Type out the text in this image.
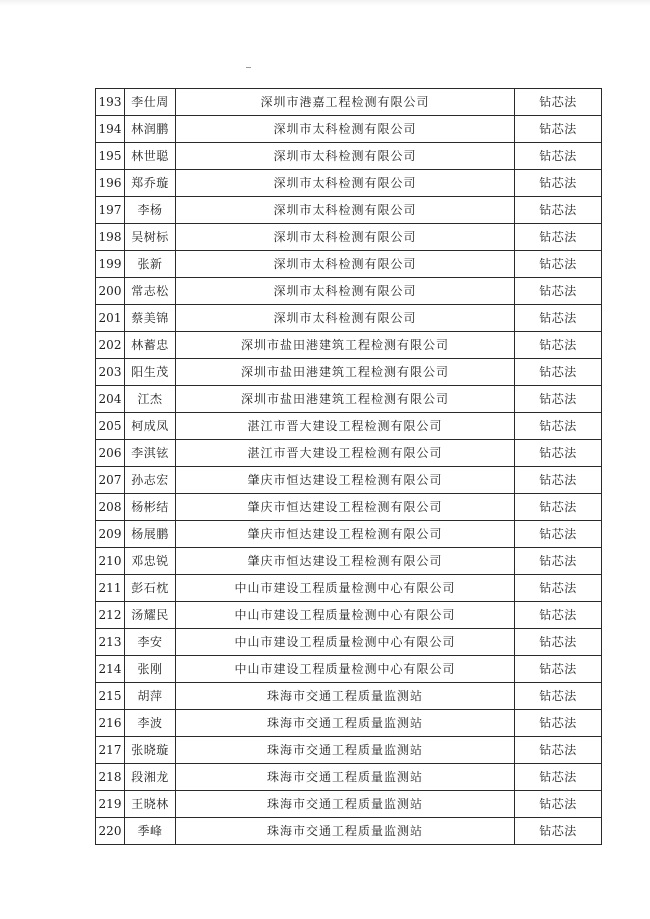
193	李仕周	深圳市港嘉工程检测有限公司	钻芯法
194	林润鹏	深圳市太科检测有限公司	钻芯法
195	林世聪	深圳市太科检测有限公司	钻芯法
196	郑乔璇	深圳市太科检测有限公司	钻芯法
197	李杨	深圳市太科检测有限公司	钻芯法
198	吴树标	深圳市太科检测有限公司	钻芯法
199	张新	深圳市太科检测有限公司	钻芯法
200	常志松	深圳市太科检测有限公司	钻芯法
201	蔡美锦	深圳市太科检测有限公司	钻芯法
202	林蓄忠	深圳市盐田港建筑工程检测有限公司	钻芯法
203	阳生茂	深圳市盐田港建筑工程检测有限公司	钻芯法
204	江杰	深圳市盐田港建筑工程检测有限公司	钻芯法
205	柯成凤	湛江市晋大建设工程检测有限公司	钻芯法
206	李淇铉	湛江市晋大建设工程检测有限公司	钻芯法
207	孙志宏	肇庆市恒达建设工程检测有限公司	钻芯法
208	杨彬结	肇庆市恒达建设工程检测有限公司	钻芯法
209	杨展鹏	肇庆市恒达建设工程检测有限公司	钻芯法
210	邓忠锐	肇庆市恒达建设工程检测有限公司	钻芯法
211	彭石枕	中山市建设工程质量检测中心有限公司	钻芯法
212	汤耀民	中山市建设工程质量检测中心有限公司	钻芯法
213	李安	中山市建设工程质量检测中心有限公司	钻芯法
214	张刚	中山市建设工程质量检测中心有限公司	钻芯法
215	胡萍	珠海市交通工程质量监测站	钻芯法
216	李波	珠海市交通工程质量监测站	钻芯法
217	张晓璇	珠海市交通工程质量监测站	钻芯法
218	段湘龙	珠海市交通工程质量监测站	钻芯法
219	王晓林	珠海市交通工程质量监测站	钻芯法
220	季峰	珠海市交通工程质量监测站	钻芯法
